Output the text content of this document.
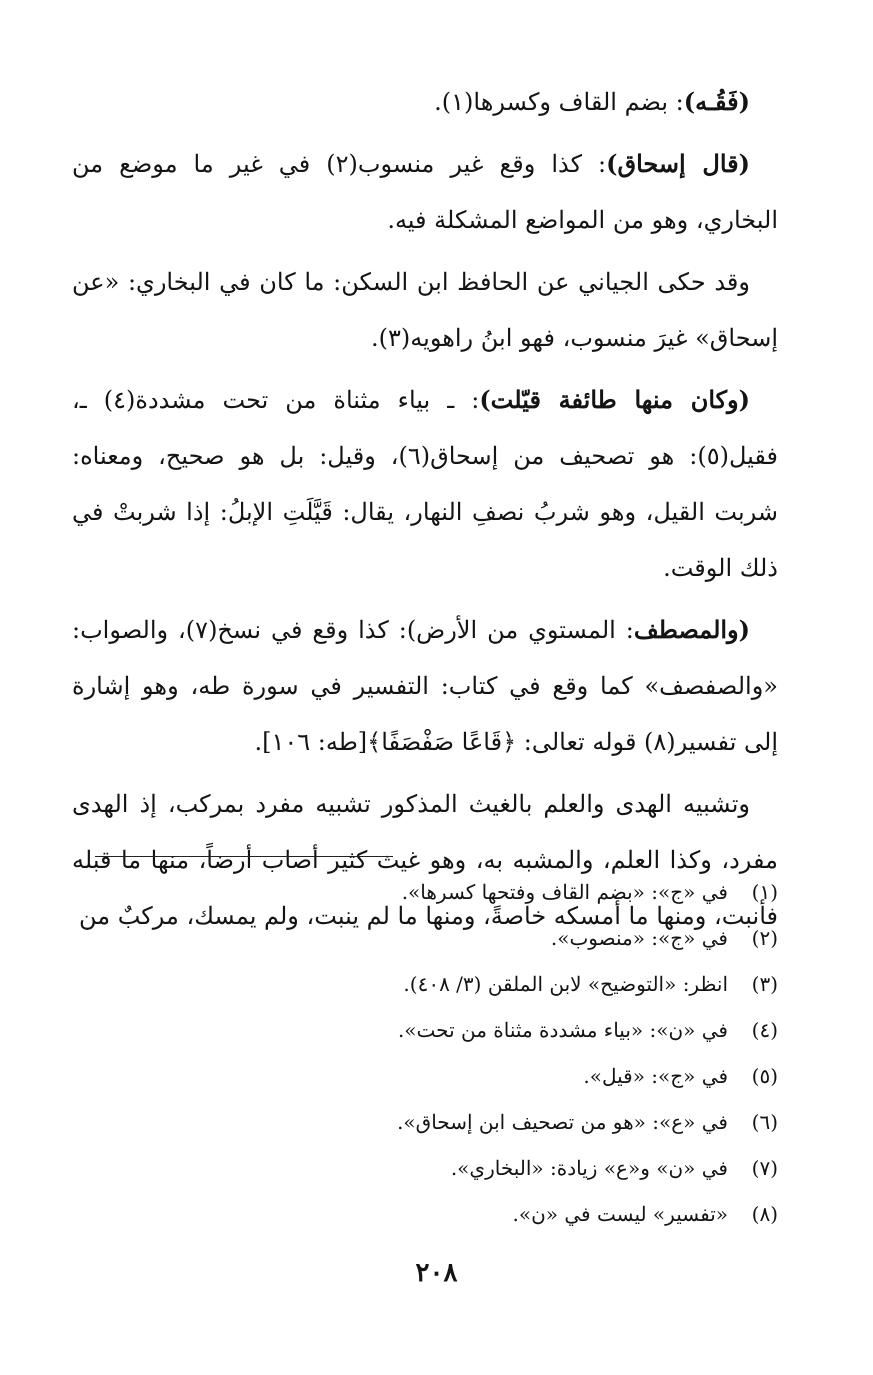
(فَقُـه): بضم القاف وكسرها(١).

(قال إسحاق): كذا وقع غير منسوب(٢) في غير ما موضع من البخاري، وهو من المواضع المشكلة فيه.

وقد حكى الجياني عن الحافظ ابن السكن: ما كان في البخاري: «عن إسحاق» غيرَ منسوب، فهو ابنُ راهويه(٣).

(وكان منها طائفة قيّلت): ـ بياء مثناة من تحت مشددة(٤) ـ، فقيل(٥): هو تصحيف من إسحاق(٦)، وقيل: بل هو صحيح، ومعناه: شربت القيل، وهو شربُ نصفِ النهار، يقال: قَيَّلَتِ الإبلُ: إذا شربتْ في ذلك الوقت.

(والمصطف: المستوي من الأرض): كذا وقع في نسخ(٧)، والصواب: «والصفصف» كما وقع في كتاب: التفسير في سورة طه، وهو إشارة إلى تفسير(٨) قوله تعالى: ﴿قَاعًا صَفْصَفًا﴾[طه: ١٠٦].

وتشبيه الهدى والعلم بالغيث المذكور تشبيه مفرد بمركب، إذ الهدى مفرد، وكذا العلم، والمشبه به، وهو غيث كثير أصاب أرضاً، منها ما قبله فأنبت، ومنها ما أمسكه خاصةً، ومنها ما لم ينبت، ولم يمسك، مركبٌ من

(١)في «ج»: «بضم القاف وفتحها كسرها».
(٢)في «ج»: «منصوب».
(٣)انظر: «التوضيح» لابن الملقن (٣/ ٤٠٨).
(٤)في «ن»: «بياء مشددة مثناة من تحت».
(٥)في «ج»: «قيل».
(٦)في «ع»: «هو من تصحيف ابن إسحاق».
(٧)في «ن» و«ع» زيادة: «البخاري».
(٨)«تفسير» ليست في «ن».
٢٠٨
